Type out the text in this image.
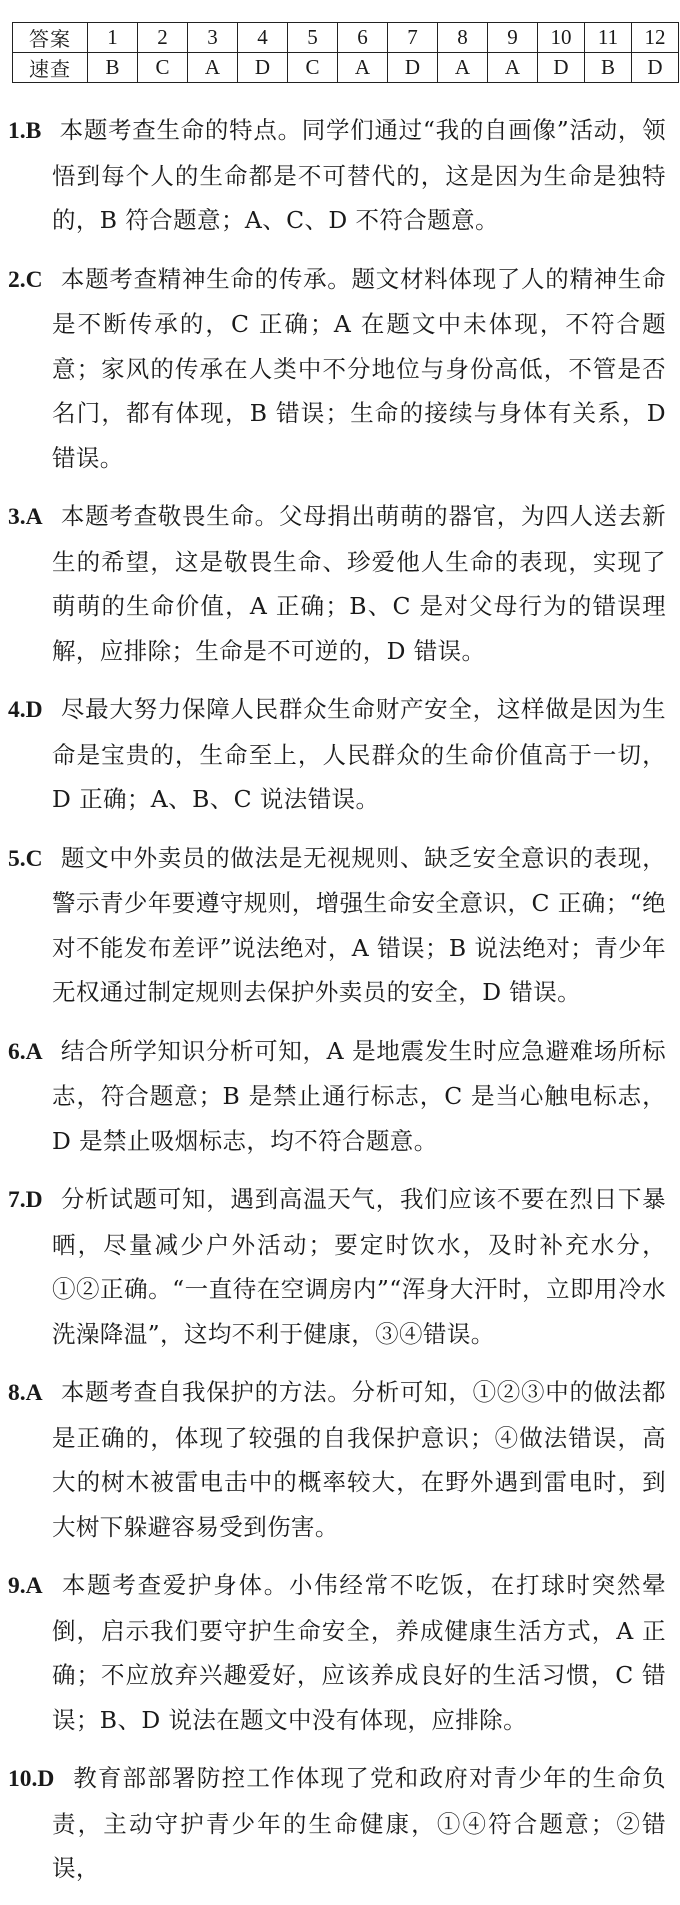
答案	1	2	3	4	5	6	7	8	9	10	11	12
速查	B	C	A	D	C	A	D	A	A	D	B	D
1.B 本题考查生命的特点。同学们通过“我的自画像”活动，领悟到每个人的生命都是不可替代的，这是因为生命是独特的，B 符合题意；A、C、D 不符合题意。
2.C 本题考查精神生命的传承。题文材料体现了人的精神生命是不断传承的，C 正确；A 在题文中未体现，不符合题意；家风的传承在人类中不分地位与身份高低，不管是否名门，都有体现，B 错误；生命的接续与身体有关系，D 错误。
3.A 本题考查敬畏生命。父母捐出萌萌的器官，为四人送去新生的希望，这是敬畏生命、珍爱他人生命的表现，实现了萌萌的生命价值，A 正确；B、C 是对父母行为的错误理解，应排除；生命是不可逆的，D 错误。
4.D 尽最大努力保障人民群众生命财产安全，这样做是因为生命是宝贵的，生命至上，人民群众的生命价值高于一切，D 正确；A、B、C 说法错误。
5.C 题文中外卖员的做法是无视规则、缺乏安全意识的表现，警示青少年要遵守规则，增强生命安全意识，C 正确；“绝对不能发布差评”说法绝对，A 错误；B 说法绝对；青少年无权通过制定规则去保护外卖员的安全，D 错误。
6.A 结合所学知识分析可知，A 是地震发生时应急避难场所标志，符合题意；B 是禁止通行标志，C 是当心触电标志，D 是禁止吸烟标志，均不符合题意。
7.D 分析试题可知，遇到高温天气，我们应该不要在烈日下暴晒，尽量减少户外活动；要定时饮水，及时补充水分，①②正确。“一直待在空调房内”“浑身大汗时，立即用冷水洗澡降温”，这均不利于健康，③④错误。
8.A 本题考查自我保护的方法。分析可知，①②③中的做法都是正确的，体现了较强的自我保护意识；④做法错误，高大的树木被雷电击中的概率较大，在野外遇到雷电时，到大树下躲避容易受到伤害。
9.A 本题考查爱护身体。小伟经常不吃饭，在打球时突然晕倒，启示我们要守护生命安全，养成健康生活方式，A 正确；不应放弃兴趣爱好，应该养成良好的生活习惯，C 错误；B、D 说法在题文中没有体现，应排除。
10.D 教育部部署防控工作体现了党和政府对青少年的生命负责，主动守护青少年的生命健康，①④符合题意；②错误，
